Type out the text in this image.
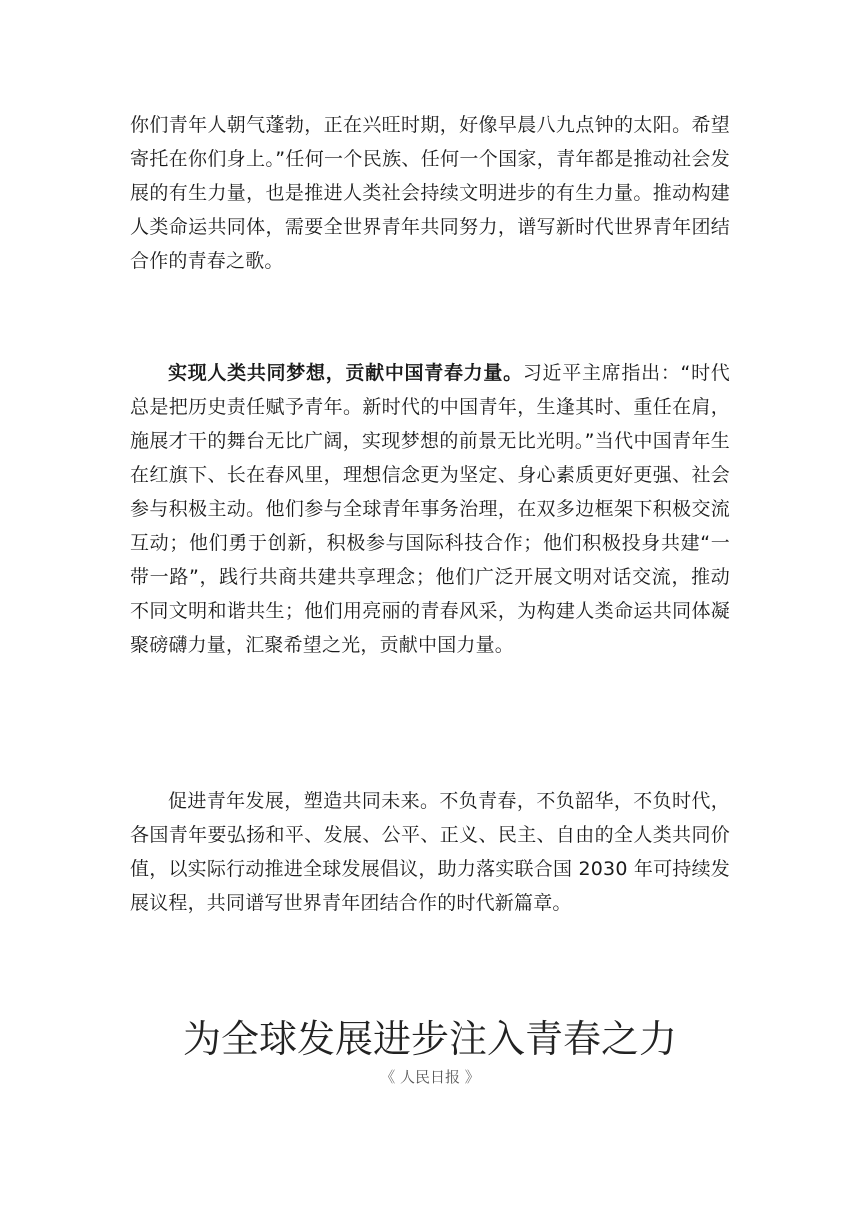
你们青年人朝气蓬勃，正在兴旺时期，好像早晨八九点钟的太阳。希望寄托在你们身上。”任何一个民族、任何一个国家，青年都是推动社会发展的有生力量，也是推进人类社会持续文明进步的有生力量。推动构建人类命运共同体，需要全世界青年共同努力，谱写新时代世界青年团结合作的青春之歌。

实现人类共同梦想，贡献中国青春力量。习近平主席指出：“时代总是把历史责任赋予青年。新时代的中国青年，生逢其时、重任在肩，施展才干的舞台无比广阔，实现梦想的前景无比光明。”当代中国青年生在红旗下、长在春风里，理想信念更为坚定、身心素质更好更强、社会参与积极主动。他们参与全球青年事务治理，在双多边框架下积极交流互动；他们勇于创新，积极参与国际科技合作；他们积极投身共建“一带一路”，践行共商共建共享理念；他们广泛开展文明对话交流，推动不同文明和谐共生；他们用亮丽的青春风采，为构建人类命运共同体凝聚磅礴力量，汇聚希望之光，贡献中国力量。

促进青年发展，塑造共同未来。不负青春，不负韶华，不负时代，各国青年要弘扬和平、发展、公平、正义、民主、自由的全人类共同价值，以实际行动推进全球发展倡议，助力落实联合国 2030 年可持续发展议程，共同谱写世界青年团结合作的时代新篇章。

为全球发展进步注入青春之力
《 人民日报 》
